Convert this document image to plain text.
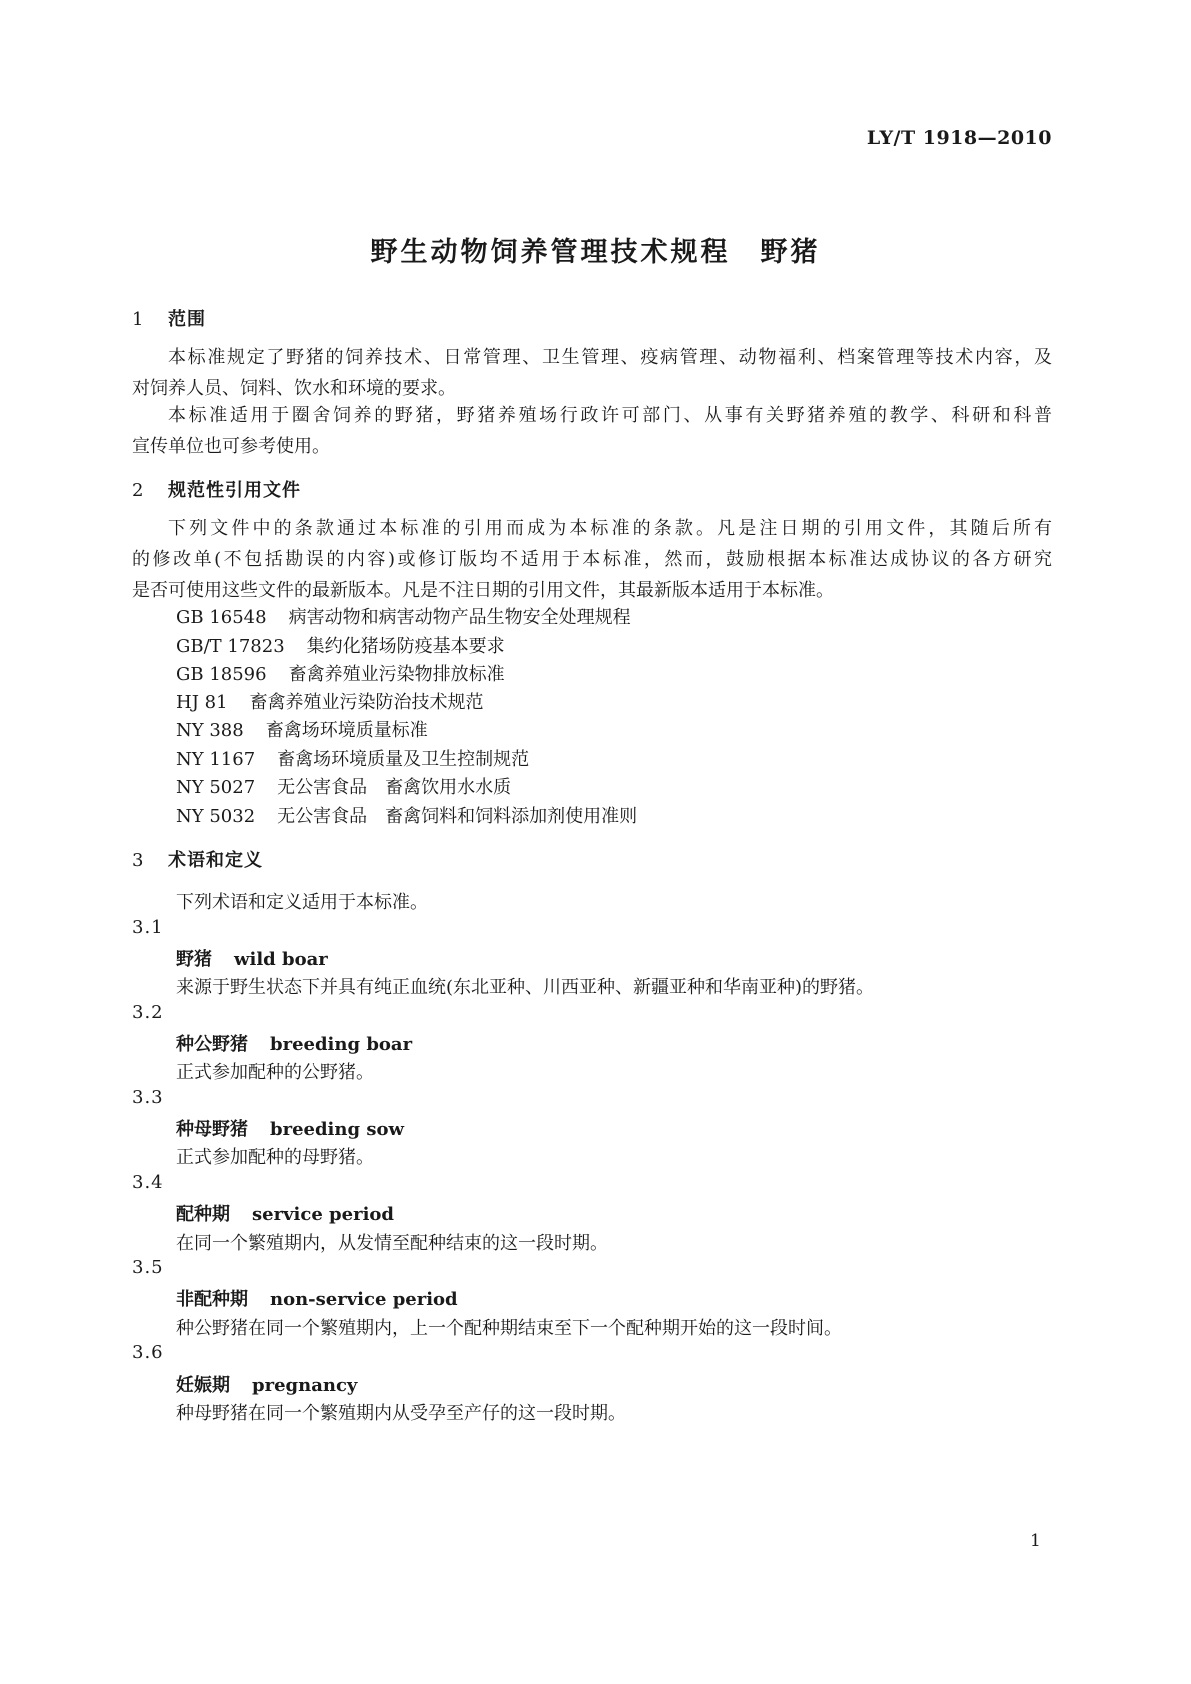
LY/T 1918—2010
野生动物饲养管理技术规程　野猪
1 范围
本标准规定了野猪的饲养技术、日常管理、卫生管理、疫病管理、动物福利、档案管理等技术内容，及
对饲养人员、饲料、饮水和环境的要求。
本标准适用于圈舍饲养的野猪，野猪养殖场行政许可部门、从事有关野猪养殖的教学、科研和科普
宣传单位也可参考使用。
2 规范性引用文件
下列文件中的条款通过本标准的引用而成为本标准的条款。凡是注日期的引用文件，其随后所有
的修改单(不包括勘误的内容)或修订版均不适用于本标准，然而，鼓励根据本标准达成协议的各方研究
是否可使用这些文件的最新版本。凡是不注日期的引用文件，其最新版本适用于本标准。
GB 16548 病害动物和病害动物产品生物安全处理规程
GB/T 17823 集约化猪场防疫基本要求
GB 18596 畜禽养殖业污染物排放标准
HJ 81 畜禽养殖业污染防治技术规范
NY 388 畜禽场环境质量标准
NY 1167 畜禽场环境质量及卫生控制规范
NY 5027 无公害食品　畜禽饮用水水质
NY 5032 无公害食品　畜禽饲料和饲料添加剂使用准则
3 术语和定义
下列术语和定义适用于本标准。
3.1
野猪 wild boar
来源于野生状态下并具有纯正血统(东北亚种、川西亚种、新疆亚种和华南亚种)的野猪。
3.2
种公野猪 breeding boar
正式参加配种的公野猪。
3.3
种母野猪 breeding sow
正式参加配种的母野猪。
3.4
配种期 service period
在同一个繁殖期内，从发情至配种结束的这一段时期。
3.5
非配种期 non-service period
种公野猪在同一个繁殖期内，上一个配种期结束至下一个配种期开始的这一段时间。
3.6
妊娠期 pregnancy
种母野猪在同一个繁殖期内从受孕至产仔的这一段时期。
1
